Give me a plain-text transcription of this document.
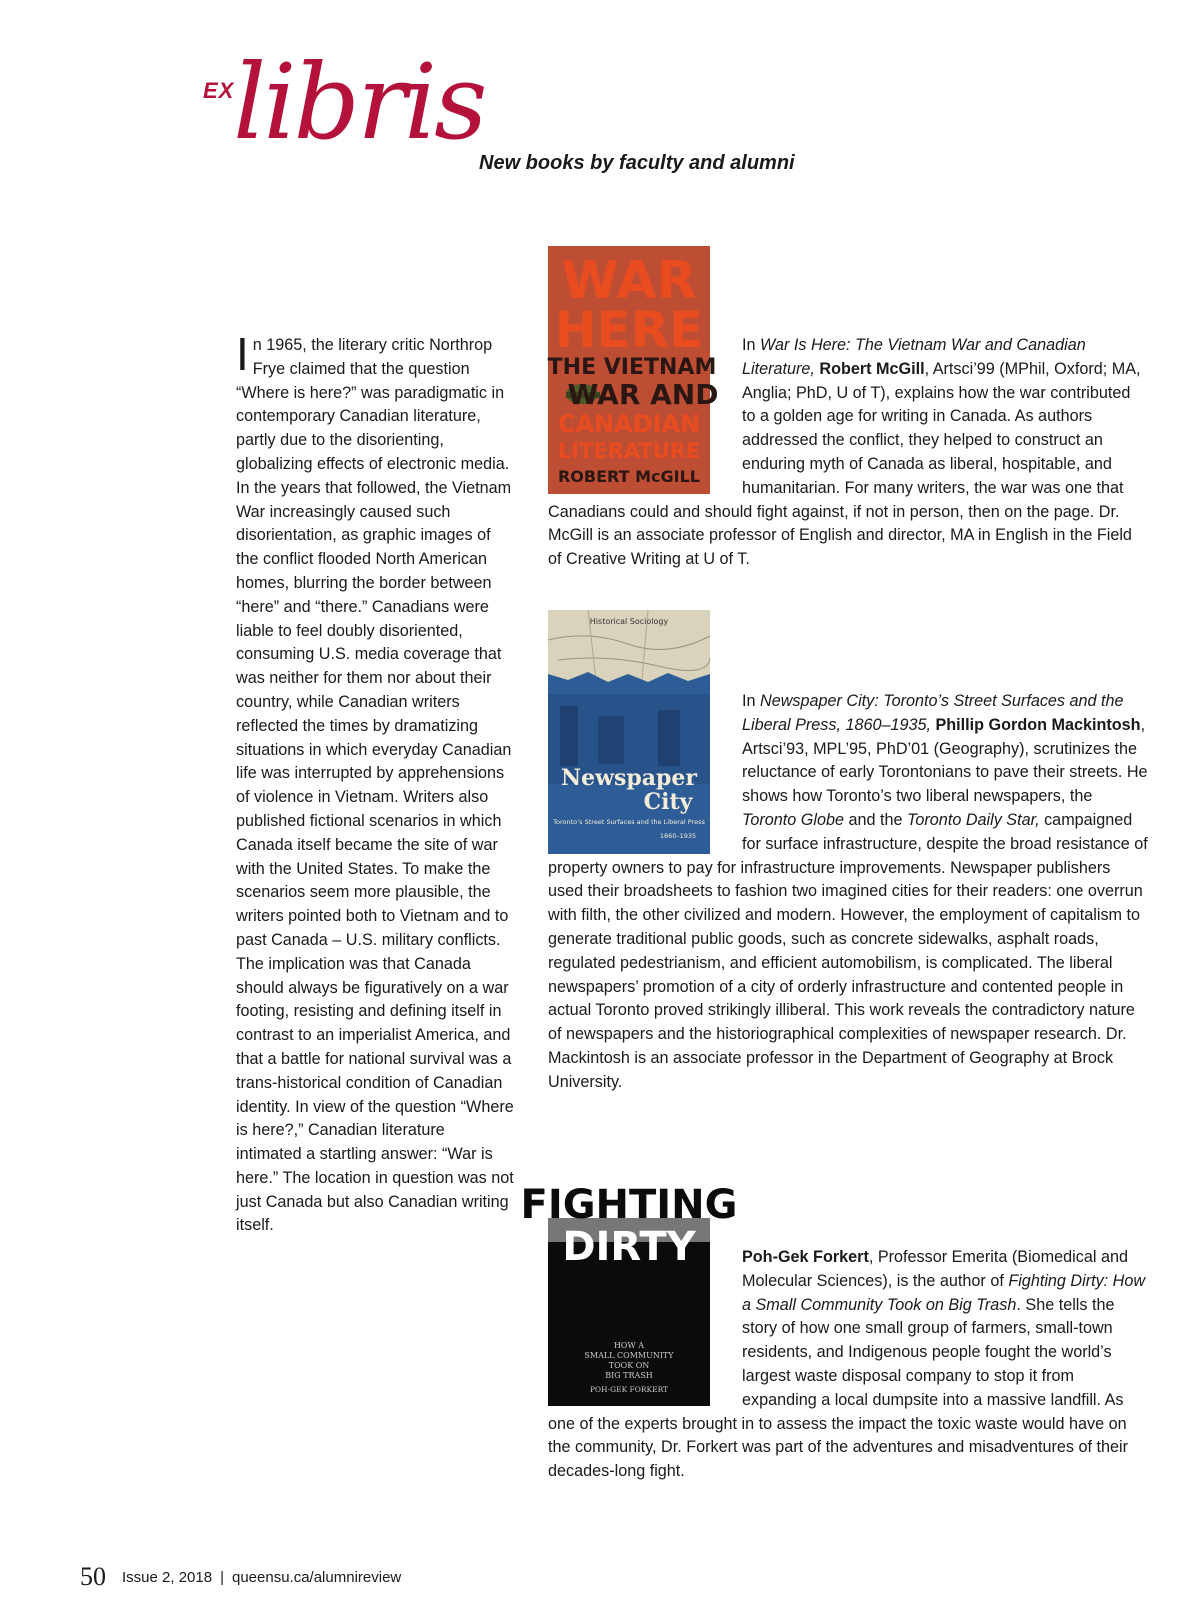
EX
libris
New books by faculty and alumni
In 1965, the literary critic Northrop Frye claimed that the question “Where is here?” was paradigmatic in contemporary Canadian literature, partly due to the disorienting, globalizing effects of electronic media. In the years that followed, the Vietnam War increasingly caused such disorientation, as graphic images of the conflict flooded North American homes, blurring the border between “here” and “there.” Canadians were liable to feel doubly disoriented, consuming U.S. media coverage that was neither for them nor about their country, while Canadian writers reflected the times by dramatizing situations in which everyday Canadian life was interrupted by apprehensions of violence in Vietnam. Writers also published fictional scenarios in which Canada itself became the site of war with the United States. To make the scenarios seem more plausible, the writers pointed both to Vietnam and to past Canada – U.S. military conflicts. The implication was that Canada should always be figuratively on a war footing, resisting and defining itself in contrast to an imperialist America, and that a battle for national survival was a trans-historical condition of Canadian identity. In view of the question “Where is here?,” Canadian literature intimated a startling answer: “War is here.” The location in question was not just Canada but also Canadian writing itself.
WAR
HERE
THE VIETNAM
WAR AND
CANADIAN
LITERATURE
ROBERT McGILL
In War Is Here: The Vietnam War and Canadian Literature, Robert McGill, Artsci’99 (MPhil, Oxford; MA, Anglia; PhD, U of T), explains how the war contributed to a golden age for writing in Canada. As authors addressed the conflict, they helped to construct an enduring myth of Canada as liberal, hospitable, and humanitarian. For many writers, the war was one that Canadians could and should fight against, if not in person, then on the page. Dr. McGill is an associate professor of English and director, MA in English in the Field of Creative Writing at U of T.
Historical Sociology
Newspaper
City
Toronto’s Street Surfaces and the Liberal Press
1860–1935
In Newspaper City: Toronto’s Street Surfaces and the Liberal Press, 1860–1935, Phillip Gordon Mackintosh, Artsci’93, MPL’95, PhD’01 (Geography), scrutinizes the reluctance of early Torontonians to pave their streets. He shows how Toronto’s two liberal newspapers, the Toronto Globe and the Toronto Daily Star, campaigned for surface infrastructure, despite the broad resistance of property owners to pay for infrastructure improvements. Newspaper publishers used their broadsheets to fashion two imagined cities for their readers: one overrun with filth, the other civilized and modern. However, the employment of capitalism to generate traditional public goods, such as concrete sidewalks, asphalt roads, regulated pedestrianism, and efficient automobilism, is complicated. The liberal newspapers’ promotion of a city of orderly infrastructure and contented people in actual Toronto proved strikingly illiberal. This work reveals the contradictory nature of newspapers and the historiographical complexities of newspaper research. Dr. Mackintosh is an associate professor in the Department of Geography at Brock University.
FIGHTING
DIRTY
HOW A
SMALL COMMUNITY
TOOK ON
BIG TRASH
POH-GEK FORKERT
Poh-Gek Forkert, Professor Emerita (Biomedical and Molecular Sciences), is the author of Fighting Dirty: How a Small Community Took on Big Trash. She tells the story of how one small group of farmers, small-town residents, and Indigenous people fought the world’s largest waste disposal company to stop it from expanding a local dumpsite into a massive landfill. As one of the experts brought in to assess the impact the toxic waste would have on the community, Dr. Forkert was part of the adventures and misadventures of their decades-long fight.
50 Issue 2, 2018 | queensu.ca/alumnireview
